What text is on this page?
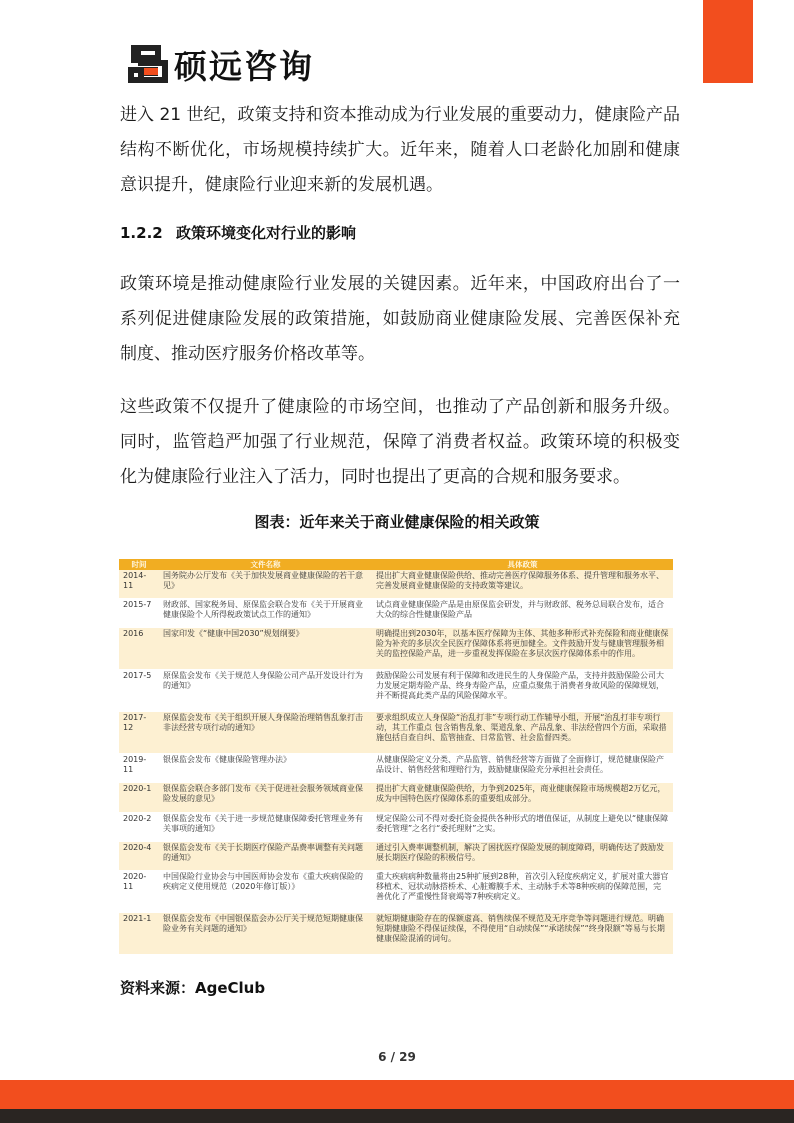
硕远咨询

进入 21 世纪，政策支持和资本推动成为行业发展的重要动力，健康险产品结构不断优化，市场规模持续扩大。近年来，随着人口老龄化加剧和健康意识提升，健康险行业迎来新的发展机遇。

1.2.2 政策环境变化对行业的影响

政策环境是推动健康险行业发展的关键因素。近年来，中国政府出台了一系列促进健康险发展的政策措施，如鼓励商业健康险发展、完善医保补充制度、推动医疗服务价格改革等。

这些政策不仅提升了健康险的市场空间，也推动了产品创新和服务升级。同时，监管趋严加强了行业规范，保障了消费者权益。政策环境的积极变化为健康险行业注入了活力，同时也提出了更高的合规和服务要求。

图表：近年来关于商业健康保险的相关政策
时间	文件名称	具体政策
2014-11	国务院办公厅发布《关于加快发展商业健康保险的若干意见》	提出扩大商业健康保险供给、推动完善医疗保障服务体系、提升管理和服务水平、完善发展商业健康保险的支持政策等建议。
2015-7	财政部、国家税务局、原保监会联合发布《关于开展商业健康保险个人所得税政策试点工作的通知》	试点商业健康保险产品是由原保监会研发，并与财政部、税务总局联合发布，适合大众的综合性健康保险产品
2016	国家印发《“健康中国2030”规划纲要》	明确提出到2030年，以基本医疗保障为主体、其他多种形式补充保险和商业健康保险为补充的多层次全民医疗保障体系将更加健全。文件鼓励开发与健康管理服务相关的监控保险产品，进一步重视发挥保险在多层次医疗保障体系中的作用。
2017-5	原保监会发布《关于规范人身保险公司产品开发设计行为的通知》	鼓励保险公司发展有利于保障和改进民生的人身保险产品，支持并鼓励保险公司大力发展定期寿险产品、终身寿险产品，应重点聚焦于消费者身故风险的保障规划，并不断提高此类产品的风险保障水平。
2017-12	原保监会发布《关于组织开展人身保险治理销售乱象打击非法经营专项行动的通知》	要求组织成立人身保险“治乱打非”专项行动工作辅导小组，开展“治乱打非专项行动，其工作重点 包含销售乱象、渠道乱象、产品乱象、非法经营四个方面，采取措施包括自查自纠、监管抽查、日常监管、社会监督四类。
2019-11	银保监会发布《健康保险管理办法》	从健康保险定义分类、产品监管、销售经营等方面做了全面修订，规范健康保险产品设计、销售经营和理赔行为，鼓励健康保险充分承担社会责任。
2020-1	银保监会联合多部门发布《关于促进社会服务领域商业保险发展的意见》	提出扩大商业健康保险供给，力争到2025年，商业健康保险市场规模超2万亿元，成为中国特色医疗保障体系的重要组成部分。
2020-2	银保监会发布《关于进一步规范健康保障委托管理业务有关事项的通知》	规定保险公司不得对委托资金提供各种形式的增值保证，从制度上避免以“健康保障委托管理”之名行“委托理财”之实。
2020-4	银保监会发布《关于长期医疗保险产品费率调整有关问题的通知》	通过引入费率调整机制，解决了困扰医疗保险发展的制度障碍，明确传达了鼓励发展长期医疗保险的积极信号。
2020-11	中国保险行业协会与中国医师协会发布《重大疾病保险的疾病定义使用规范（2020年修订版）》	重大疾病病种数量将由25种扩展到28种，首次引入轻度疾病定义，扩展对重大器官移植术、冠状动脉搭桥术、心脏瓣膜手术、主动脉手术等8种疾病的保障范围，完善优化了严重慢性肾衰竭等7种疾病定义。
2021-1	银保监会发布《中国银保监会办公厅关于规范短期健康保险业务有关问题的通知》	就短期健康险存在的保额虚高、销售续保不规范及无序竞争等问题进行规范。明确短期健康险不得保证续保，不得使用“自动续保”“承诺续保”“终身限额”等易与长期健康保险混淆的词句。
资料来源：AgeClub
6 / 29
